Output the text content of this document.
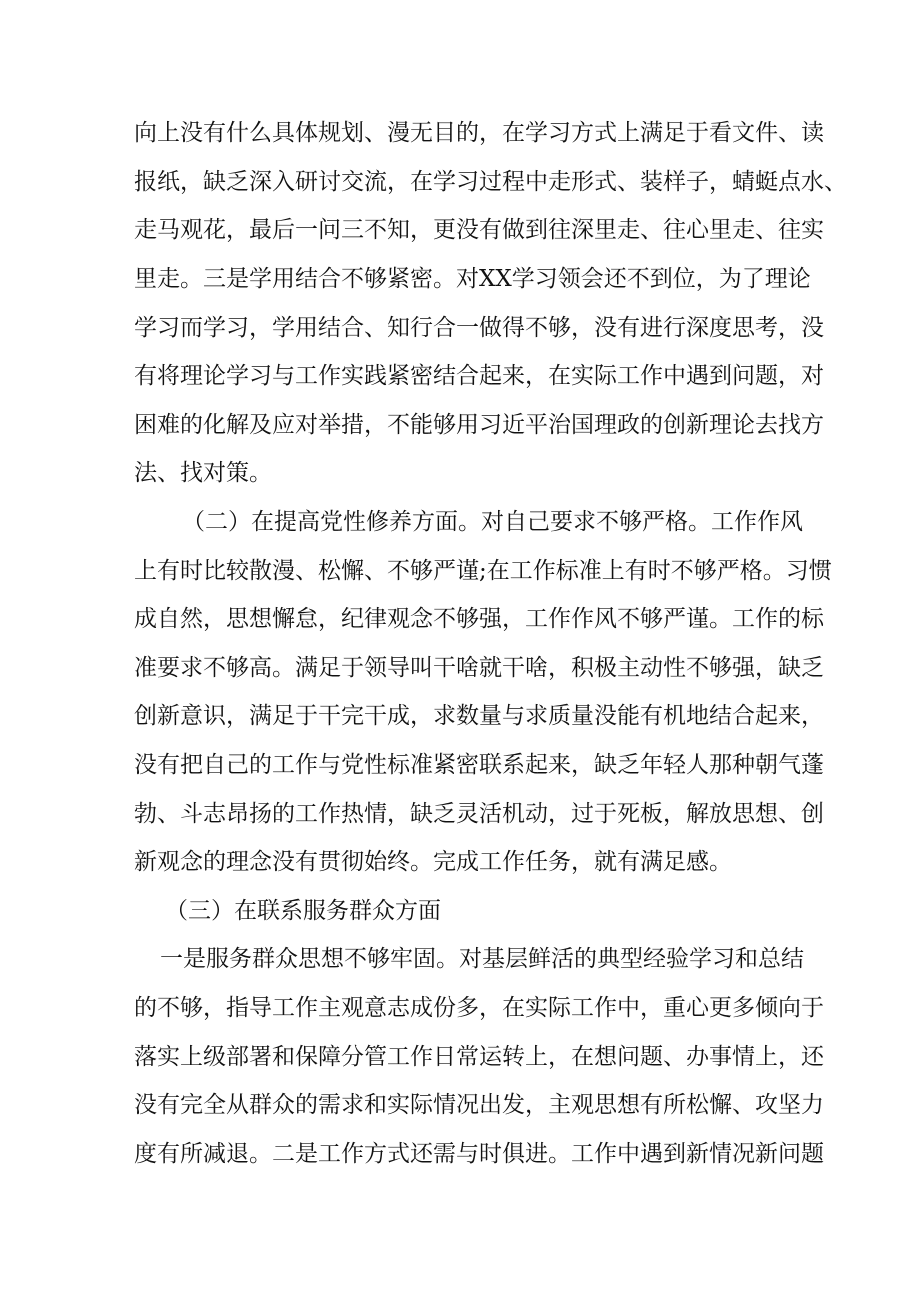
向上没有什么具体规划、漫无目的，在学习方式上满足于看文件、读
报纸，缺乏深入研讨交流，在学习过程中走形式、装样子，蜻蜓点水、
走马观花，最后一问三不知，更没有做到往深里走、往心里走、往实
里走。三是学用结合不够紧密。对XX学习领会还不到位，为了理论
学习而学习，学用结合、知行合一做得不够，没有进行深度思考，没
有将理论学习与工作实践紧密结合起来，在实际工作中遇到问题，对
困难的化解及应对举措，不能够用习近平治国理政的创新理论去找方
法、找对策。
（二）在提高党性修养方面。对自己要求不够严格。工作作风
上有时比较散漫、松懈、不够严谨;在工作标准上有时不够严格。习惯
成自然，思想懈怠，纪律观念不够强，工作作风不够严谨。工作的标
准要求不够高。满足于领导叫干啥就干啥，积极主动性不够强，缺乏
创新意识，满足于干完干成，求数量与求质量没能有机地结合起来，
没有把自己的工作与党性标准紧密联系起来，缺乏年轻人那种朝气蓬
勃、斗志昂扬的工作热情，缺乏灵活机动，过于死板，解放思想、创
新观念的理念没有贯彻始终。完成工作任务，就有满足感。
（三）在联系服务群众方面
一是服务群众思想不够牢固。对基层鲜活的典型经验学习和总结
的不够，指导工作主观意志成份多，在实际工作中，重心更多倾向于
落实上级部署和保障分管工作日常运转上，在想问题、办事情上，还
没有完全从群众的需求和实际情况出发，主观思想有所松懈、攻坚力
度有所减退。二是工作方式还需与时俱进。工作中遇到新情况新问题
